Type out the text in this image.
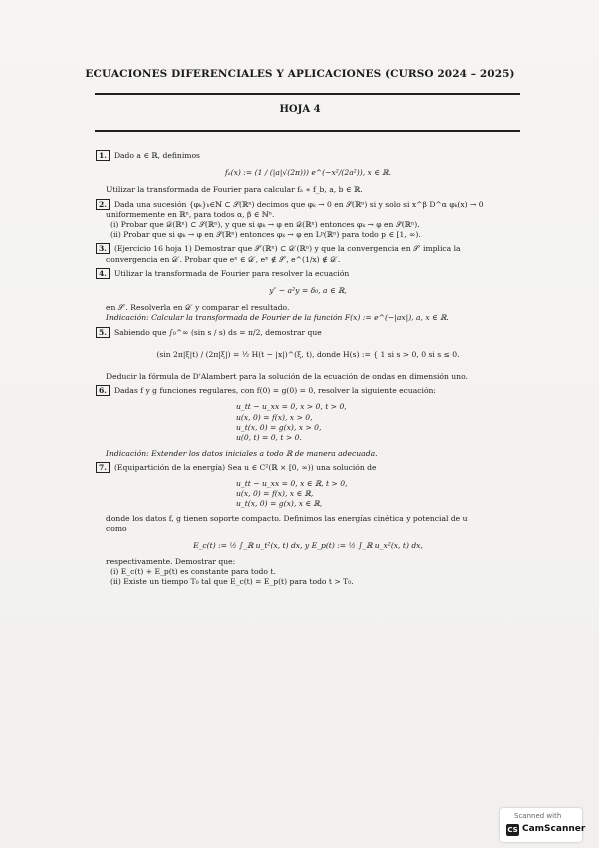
ECUACIONES DIFERENCIALES Y APLICACIONES (CURSO 2024 – 2025)
HOJA 4
1. Dado a ∈ ℝ, definimos
fₐ(x) := (1 / (|a|√(2π))) e^(−x²/(2a²)), x ∈ ℝ.
Utilizar la transformada de Fourier para calcular fₐ ∗ f_b, a, b ∈ ℝ.
2. Dada una sucesión {φₖ}ₖ∈ℕ ⊂ 𝒮(ℝⁿ) decimos que φₖ → 0 en 𝒮(ℝⁿ) si y solo si x^β D^α φₖ(x) → 0
uniformemente en ℝⁿ, para todos α, β ∈ ℕⁿ.
(i) Probar que 𝒟(ℝⁿ) ⊂ 𝒮(ℝⁿ), y que si φₖ → φ en 𝒟(ℝⁿ) entonces φₖ → φ en 𝒮(ℝⁿ).
(ii) Probar que si φₖ → φ en 𝒮(ℝⁿ) entonces φₖ → φ en Lᵖ(ℝⁿ) para todo p ∈ [1, ∞).
3. (Ejercicio 16 hoja 1) Demostrar que 𝒮′(ℝⁿ) ⊂ 𝒟′(ℝⁿ) y que la convergencia en 𝒮′ implica la
convergencia en 𝒟′. Probar que eˣ ∈ 𝒟′, eˣ ∉ 𝒮′, e^(1/x) ∉ 𝒟′.
4. Utilizar la transformada de Fourier para resolver la ecuación
y″ − a²y = δ₀, a ∈ ℝ,
en 𝒮′. Resolverla en 𝒟′ y comparar el resultado.
Indicación: Calcular la transformada de Fourier de la función F(x) := e^(−|ax|), a, x ∈ ℝ.
5. Sabiendo que ∫₀^∞ (sin s / s) ds = π/2, demostrar que
(sin 2π|ξ|t) / (2π|ξ|) = ½ H(t − |x|)^(ξ, t), donde H(s) := { 1 si s > 0, 0 si s ≤ 0.
Deducir la fórmula de D'Alambert para la solución de la ecuación de ondas en dimensión uno.
6. Dadas f y g funciones regulares, con f(0) = g(0) = 0, resolver la siguiente ecuación:
u_tt − u_xx = 0, x > 0, t > 0,
u(x, 0) = f(x), x > 0,
u_t(x, 0) = g(x), x > 0,
u(0, t) = 0, t > 0.
Indicación: Extender los datos iniciales a todo ℝ de manera adecuada.
7. (Equipartición de la energía) Sea u ∈ C²(ℝ × [0, ∞)) una solución de
u_tt − u_xx = 0, x ∈ ℝ, t > 0,
u(x, 0) = f(x), x ∈ ℝ,
u_t(x, 0) = g(x), x ∈ ℝ,
donde los datos f, g tienen soporte compacto. Definimos las energías cinética y potencial de u
como
E_c(t) := ½ ∫_ℝ u_t²(x, t) dx, y E_p(t) := ½ ∫_ℝ u_x²(x, t) dx,
respectivamente. Demostrar que:
(i) E_c(t) + E_p(t) es constante para todo t.
(ii) Existe un tiempo T₀ tal que E_c(t) = E_p(t) para todo t > T₀.
Scanned with
CS CamScanner
